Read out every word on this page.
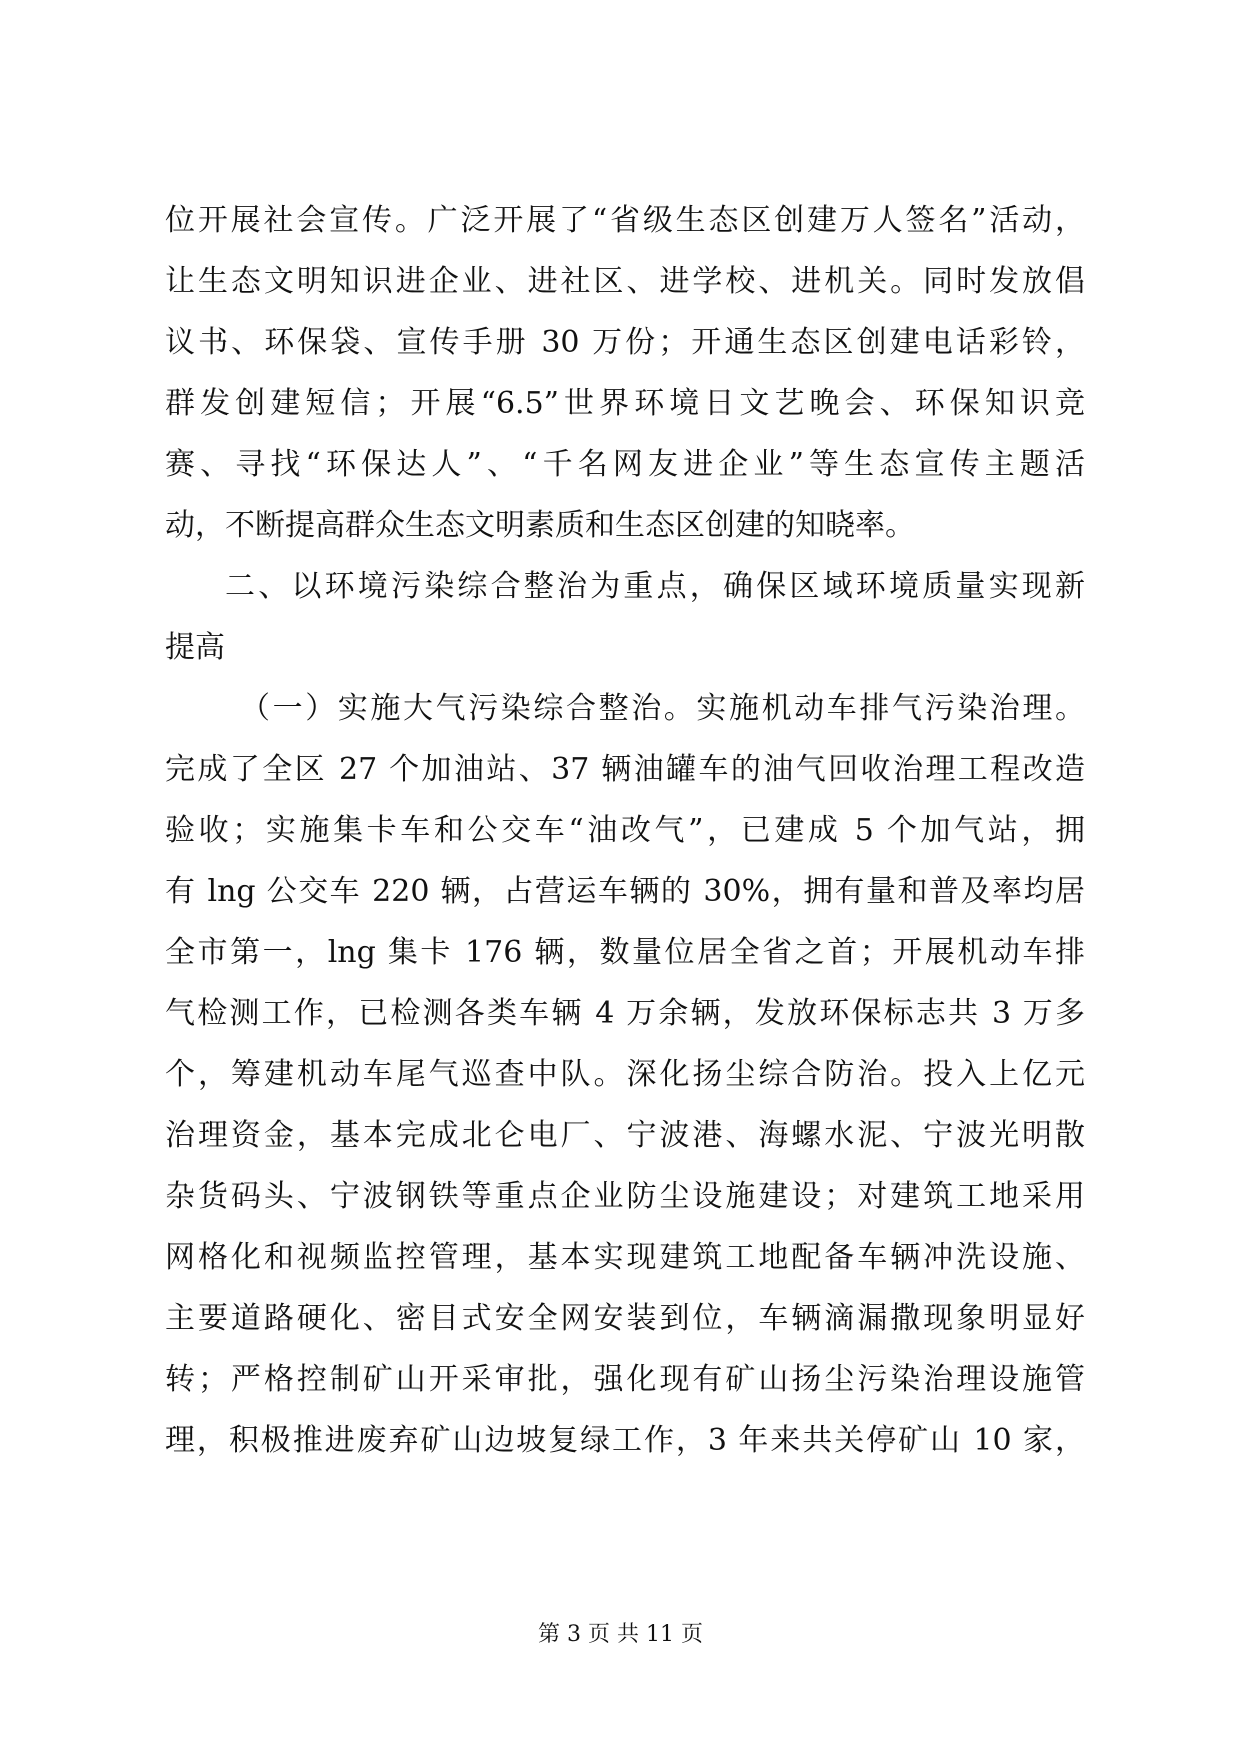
位开展社会宣传。广泛开展了“省级生态区创建万人签名”活动，
让生态文明知识进企业、进社区、进学校、进机关。同时发放倡
议书、环保袋、宣传手册 30 万份；开通生态区创建电话彩铃，
群发创建短信；开展“6.5”世界环境日文艺晚会、环保知识竞
赛、寻找“环保达人”、“千名网友进企业”等生态宣传主题活
动，不断提高群众生态文明素质和生态区创建的知晓率。
二、以环境污染综合整治为重点，确保区域环境质量实现新
提高
（一）实施大气污染综合整治。实施机动车排气污染治理。
完成了全区 27 个加油站、37 辆油罐车的油气回收治理工程改造
验收；实施集卡车和公交车“油改气”，已建成 5 个加气站，拥
有 lng 公交车 220 辆，占营运车辆的 30%，拥有量和普及率均居
全市第一，lng 集卡 176 辆，数量位居全省之首；开展机动车排
气检测工作，已检测各类车辆 4 万余辆，发放环保标志共 3 万多
个，筹建机动车尾气巡查中队。深化扬尘综合防治。投入上亿元
治理资金，基本完成北仑电厂、宁波港、海螺水泥、宁波光明散
杂货码头、宁波钢铁等重点企业防尘设施建设；对建筑工地采用
网格化和视频监控管理，基本实现建筑工地配备车辆冲洗设施、
主要道路硬化、密目式安全网安装到位，车辆滴漏撒现象明显好
转；严格控制矿山开采审批，强化现有矿山扬尘污染治理设施管
理，积极推进废弃矿山边坡复绿工作，3 年来共关停矿山 10 家，
第 3 页 共 11 页
